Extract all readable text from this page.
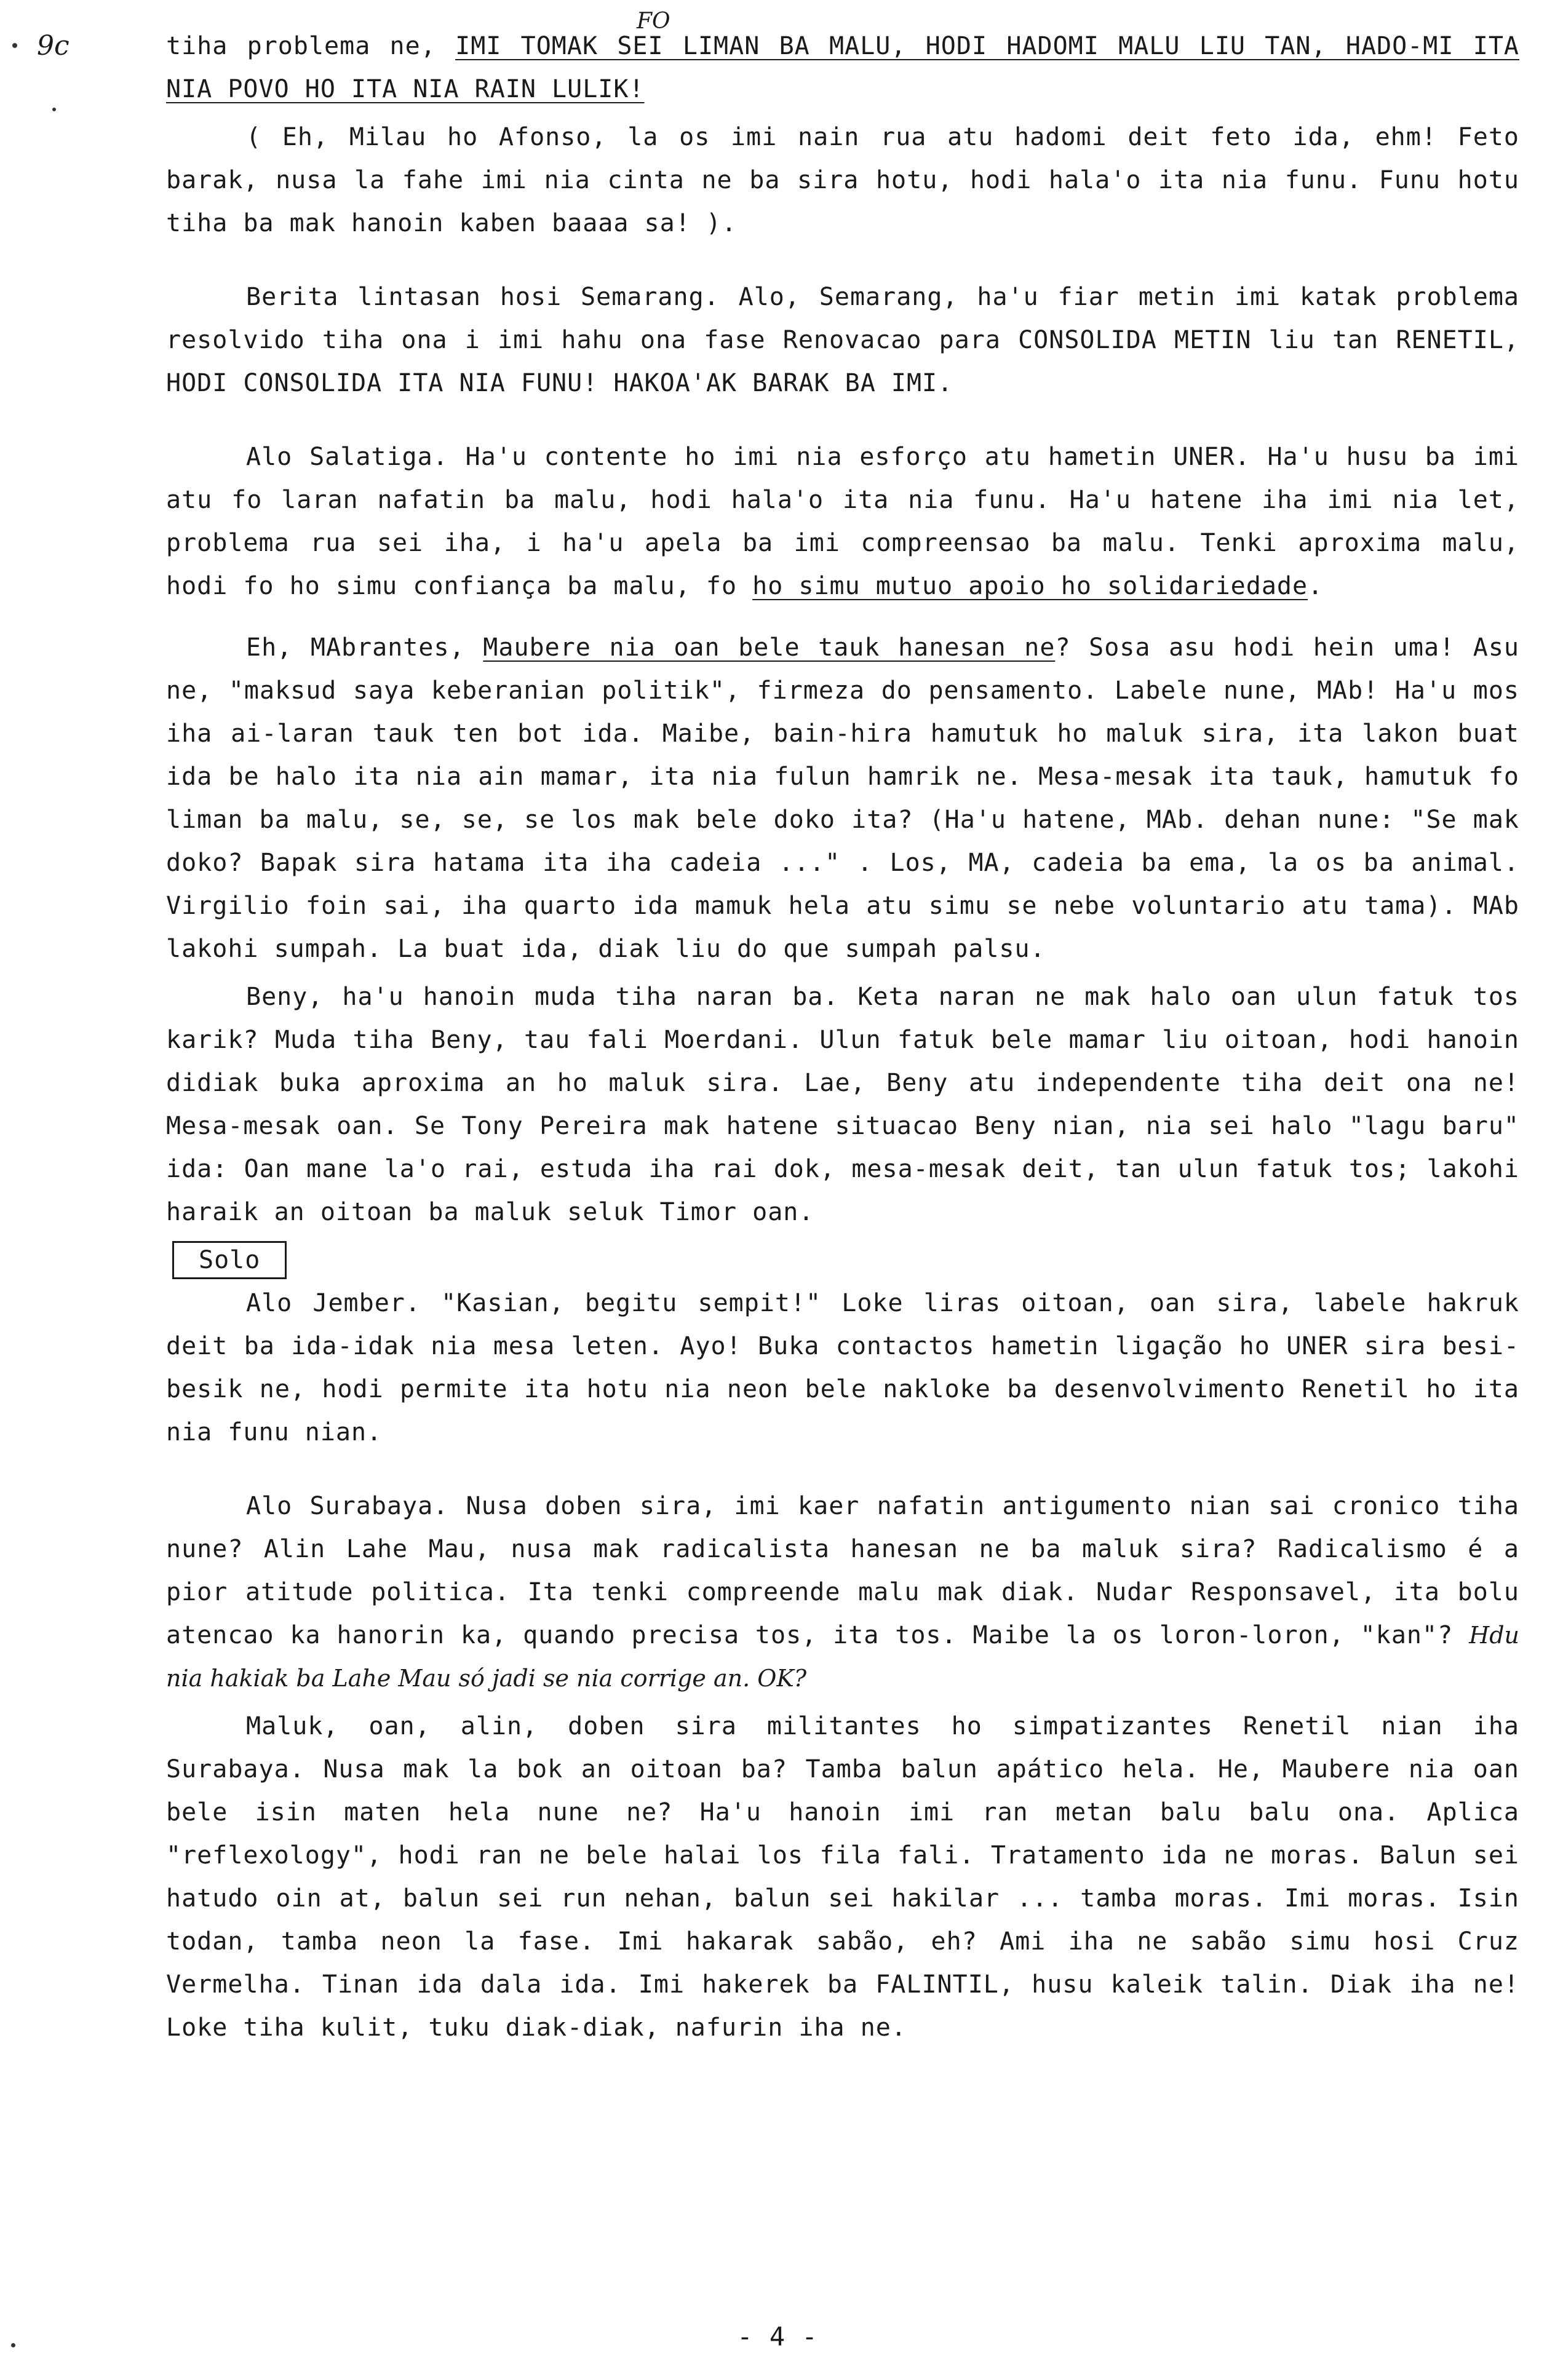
9c
FO

tiha problema ne, IMI TOMAK SEI LIMAN BA MALU, HODI HADOMI MALU LIU TAN, HADO-MI ITA NIA POVO HO ITA NIA RAIN LULIK!

( Eh, Milau ho Afonso, la os imi nain rua atu hadomi deit feto ida, ehm! Feto barak, nusa la fahe imi nia cinta ne ba sira hotu, hodi hala'o ita nia funu. Funu hotu tiha ba mak hanoin kaben baaaa sa! ).

Berita lintasan hosi Semarang. Alo, Semarang, ha'u fiar metin imi katak problema resolvido tiha ona i imi hahu ona fase Renovacao para CONSOLIDA METIN liu tan RENETIL, HODI CONSOLIDA ITA NIA FUNU! HAKOA'AK BARAK BA IMI.

Alo Salatiga. Ha'u contente ho imi nia esforço atu hametin UNER. Ha'u husu ba imi atu fo laran nafatin ba malu, hodi hala'o ita nia funu. Ha'u hatene iha imi nia let, problema rua sei iha, i ha'u apela ba imi compreensao ba malu. Tenki aproxima malu, hodi fo ho simu confiança ba malu, fo ho simu mutuo apoio ho solidariedade.

Eh, MAbrantes, Maubere nia oan bele tauk hanesan ne? Sosa asu hodi hein uma! Asu ne, "maksud saya keberanian politik", firmeza do pensamento. Labele nune, MAb! Ha'u mos iha ai-laran tauk ten bot ida. Maibe, bain-hira hamutuk ho maluk sira, ita lakon buat ida be halo ita nia ain mamar, ita nia fulun hamrik ne. Mesa-mesak ita tauk, hamutuk fo liman ba malu, se, se, se los mak bele doko ita? (Ha'u hatene, MAb. dehan nune: "Se mak doko? Bapak sira hatama ita iha cadeia ..." . Los, MA, cadeia ba ema, la os ba animal. Virgilio foin sai, iha quarto ida mamuk hela atu simu se nebe voluntario atu tama). MAb lakohi sumpah. La buat ida, diak liu do que sumpah palsu.

Beny, ha'u hanoin muda tiha naran ba. Keta naran ne mak halo oan ulun fatuk tos karik? Muda tiha Beny, tau fali Moerdani. Ulun fatuk bele mamar liu oitoan, hodi hanoin didiak buka aproxima an ho maluk sira. Lae, Beny atu independente tiha deit ona ne! Mesa-mesak oan. Se Tony Pereira mak hatene situacao Beny nian, nia sei halo "lagu baru" ida: Oan mane la'o rai, estuda iha rai dok, mesa-mesak deit, tan ulun fatuk tos; lakohi haraik an oitoan ba maluk seluk Timor oan.

Solo

Alo Jember. "Kasian, begitu sempit!" Loke liras oitoan, oan sira, labele hakruk deit ba ida-idak nia mesa leten. Ayo! Buka contactos hametin ligação ho UNER sira besi-besik ne, hodi permite ita hotu nia neon bele nakloke ba desenvolvimento Renetil ho ita nia funu nian.

Alo Surabaya. Nusa doben sira, imi kaer nafatin antigumento nian sai cronico tiha nune? Alin Lahe Mau, nusa mak radicalista hanesan ne ba maluk sira? Radicalismo é a pior atitude politica. Ita tenki compreende malu mak diak. Nudar Responsavel, ita bolu atencao ka hanorin ka, quando precisa tos, ita tos. Maibe la os loron-loron, "kan"? Hdu nia hakiak ba Lahe Mau só jadi se nia corrige an. OK?

Maluk, oan, alin, doben sira militantes ho simpatizantes Renetil nian iha Surabaya. Nusa mak la bok an oitoan ba? Tamba balun apático hela. He, Maubere nia oan bele isin maten hela nune ne? Ha'u hanoin imi ran metan balu balu ona. Aplica "reflexology", hodi ran ne bele halai los fila fali. Tratamento ida ne moras. Balun sei hatudo oin at, balun sei run nehan, balun sei hakilar ... tamba moras. Imi moras. Isin todan, tamba neon la fase. Imi hakarak sabão, eh? Ami iha ne sabão simu hosi Cruz Vermelha. Tinan ida dala ida. Imi hakerek ba FALINTIL, husu kaleik talin. Diak iha ne! Loke tiha kulit, tuku diak-diak, nafurin iha ne.

- 4 -
